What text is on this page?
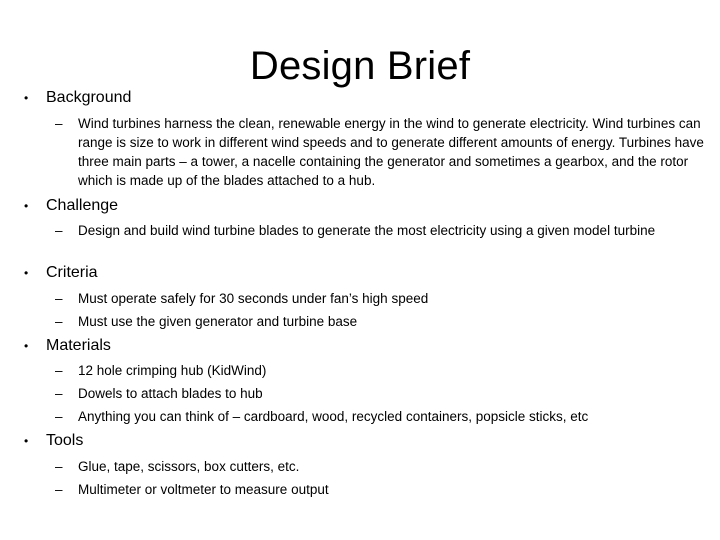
Design Brief
•	Background
– Wind turbines harness the clean, renewable energy in the wind to generate electricity. Wind turbines can range is size to work in different wind speeds and to generate different amounts of energy. Turbines have three main parts – a tower, a nacelle containing the generator and sometimes a gearbox, and the rotor which is made up of the blades attached to a hub.
•	Challenge
– Design and build wind turbine blades to generate the most electricity using a given model turbine
•	Criteria
– Must operate safely for 30 seconds under fan’s high speed
– Must use the given generator and turbine base
•	Materials
– 12 hole crimping hub (KidWind)
– Dowels to attach blades to hub
– Anything you can think of – cardboard, wood, recycled containers, popsicle sticks, etc
•	Tools
– Glue, tape, scissors, box cutters, etc.
– Multimeter or voltmeter to measure output
